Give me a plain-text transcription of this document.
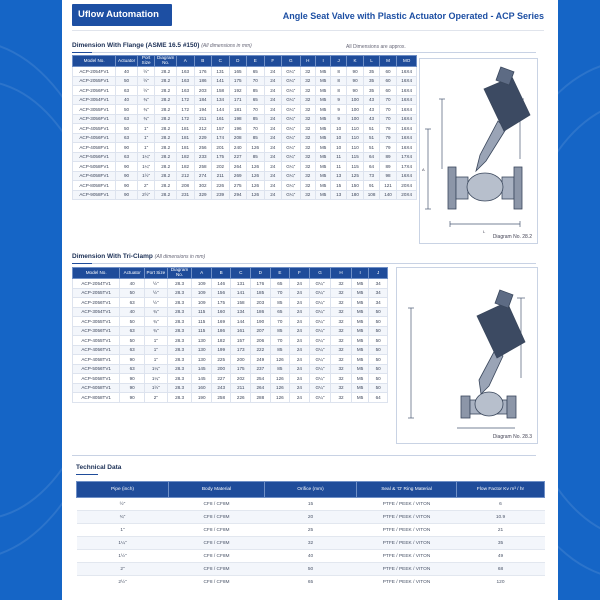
Uflow Automation	Angle Seat Valve with Plastic Actuator Operated - ACP Series
Dimension With Flange (ASME 16.5 #150) (All dimensions in mm)	All Dimensions are approx.
Model No.	Actuator	Port Size	Diagram No.	A	B	C	D	E	F	G	H	I	J	K	L	M	MO
ACP-2054FV1	40	½"	28.2	163	176	131	165	65	24	G¼"	32	M5	8	90	35	60	16X4
ACP-2055FV1	50	½"	28.2	163	186	141	175	70	24	G¼"	32	M5	8	90	35	60	16X4
ACP-2056FV1	63	½"	28.2	163	203	158	192	85	24	G¼"	32	M5	8	90	35	60	16X4
ACP-3054FV1	40	¾"	28.2	172	184	134	171	65	24	G¼"	32	M5	9	100	43	70	16X4
ACP-3055FV1	50	¾"	28.2	172	194	144	181	70	24	G¼"	32	M5	9	100	43	70	16X4
ACP-3056FV1	63	¾"	28.2	172	211	161	198	85	24	G¼"	32	M5	9	100	43	70	16X4
ACP-4055FV1	50	1"	28.2	181	212	157	196	70	24	G¼"	32	M5	10	110	51	79	16X4
ACP-4056FV1	63	1"	28.2	181	229	174	208	85	24	G¼"	32	M5	10	110	51	79	16X4
ACP-4058FV1	90	1"	28.2	181	256	201	240	126	24	G¼"	32	M5	10	110	51	79	16X4
ACP-5056FV1	63	1¼"	28.2	182	233	175	227	85	24	G¼"	32	M5	11	115	64	89	17X4
ACP-5058FV1	90	1¼"	28.2	182	258	202	264	126	24	G¼"	32	M5	11	115	64	89	17X4
ACP-6058FV1	90	1½"	28.2	212	274	211	269	126	24	G¼"	32	M5	13	125	73	98	16X4
ACP-8058FV1	90	2"	28.2	208	302	226	275	126	24	G¼"	32	M5	15	150	91	121	20X4
ACP-9058FV1	90	2½"	28.2	231	329	239	294	126	24	G¼"	32	M5	13	180	108	140	20X4
A
L
Diagram No. 28.2
Dimension With Tri-Clamp (All dimensions in mm)
Model No.	Actuator	Port Size	Diagram No.	A	B	C	D	E	F	G	H	I	J
ACP-2054TV1	40	½"	28.3	109	146	131	176	65	24	G¼"	32	M5	34
ACP-2055TV1	50	½"	28.3	109	156	141	185	70	24	G¼"	32	M5	34
ACP-2056TV1	63	½"	28.3	109	175	158	203	85	24	G¼"	32	M5	34
ACP-3054TV1	40	¾"	28.3	115	160	134	186	65	24	G¼"	32	M5	50
ACP-3055TV1	50	¾"	28.3	115	169	144	190	70	24	G¼"	32	M5	50
ACP-3056TV1	63	¾"	28.3	115	186	161	207	85	24	G¼"	32	M5	50
ACP-4055TV1	50	1"	28.3	130	182	157	206	70	24	G¼"	32	M5	50
ACP-4056TV1	63	1"	28.3	130	199	173	222	85	24	G¼"	32	M5	50
ACP-4058TV1	90	1"	28.3	130	225	200	249	126	24	G¼"	32	M5	50
ACP-5056TV1	63	1¼"	28.3	145	200	175	237	85	24	G¼"	32	M5	50
ACP-5058TV1	90	1¼"	28.3	145	227	202	254	126	24	G¼"	32	M5	50
ACP-6058TV1	90	1½"	28.3	160	243	211	264	126	24	G¼"	32	M5	50
ACP-8058TV1	90	2"	28.3	190	258	226	288	126	24	G¼"	32	M5	64
Diagram No. 28.3
Technical Data
Pipe (inch)	Body Material	Orifice (mm)	Seal & 'O' Ring Material	Flow Factor Kv m³ / hr
½"	CF8 / CF8M	15	PTFE / PEEK / VITON	6
¾"	CF8 / CF8M	20	PTFE / PEEK / VITON	10.9
1"	CF8 / CF8M	25	PTFE / PEEK / VITON	21
1¼"	CF8 / CF8M	32	PTFE / PEEK / VITON	35
1½"	CF8 / CF8M	40	PTFE / PEEK / VITON	49
2"	CF8 / CF8M	50	PTFE / PEEK / VITON	68
2½"	CF8 / CF8M	65	PTFE / PEEK / VITON	120
